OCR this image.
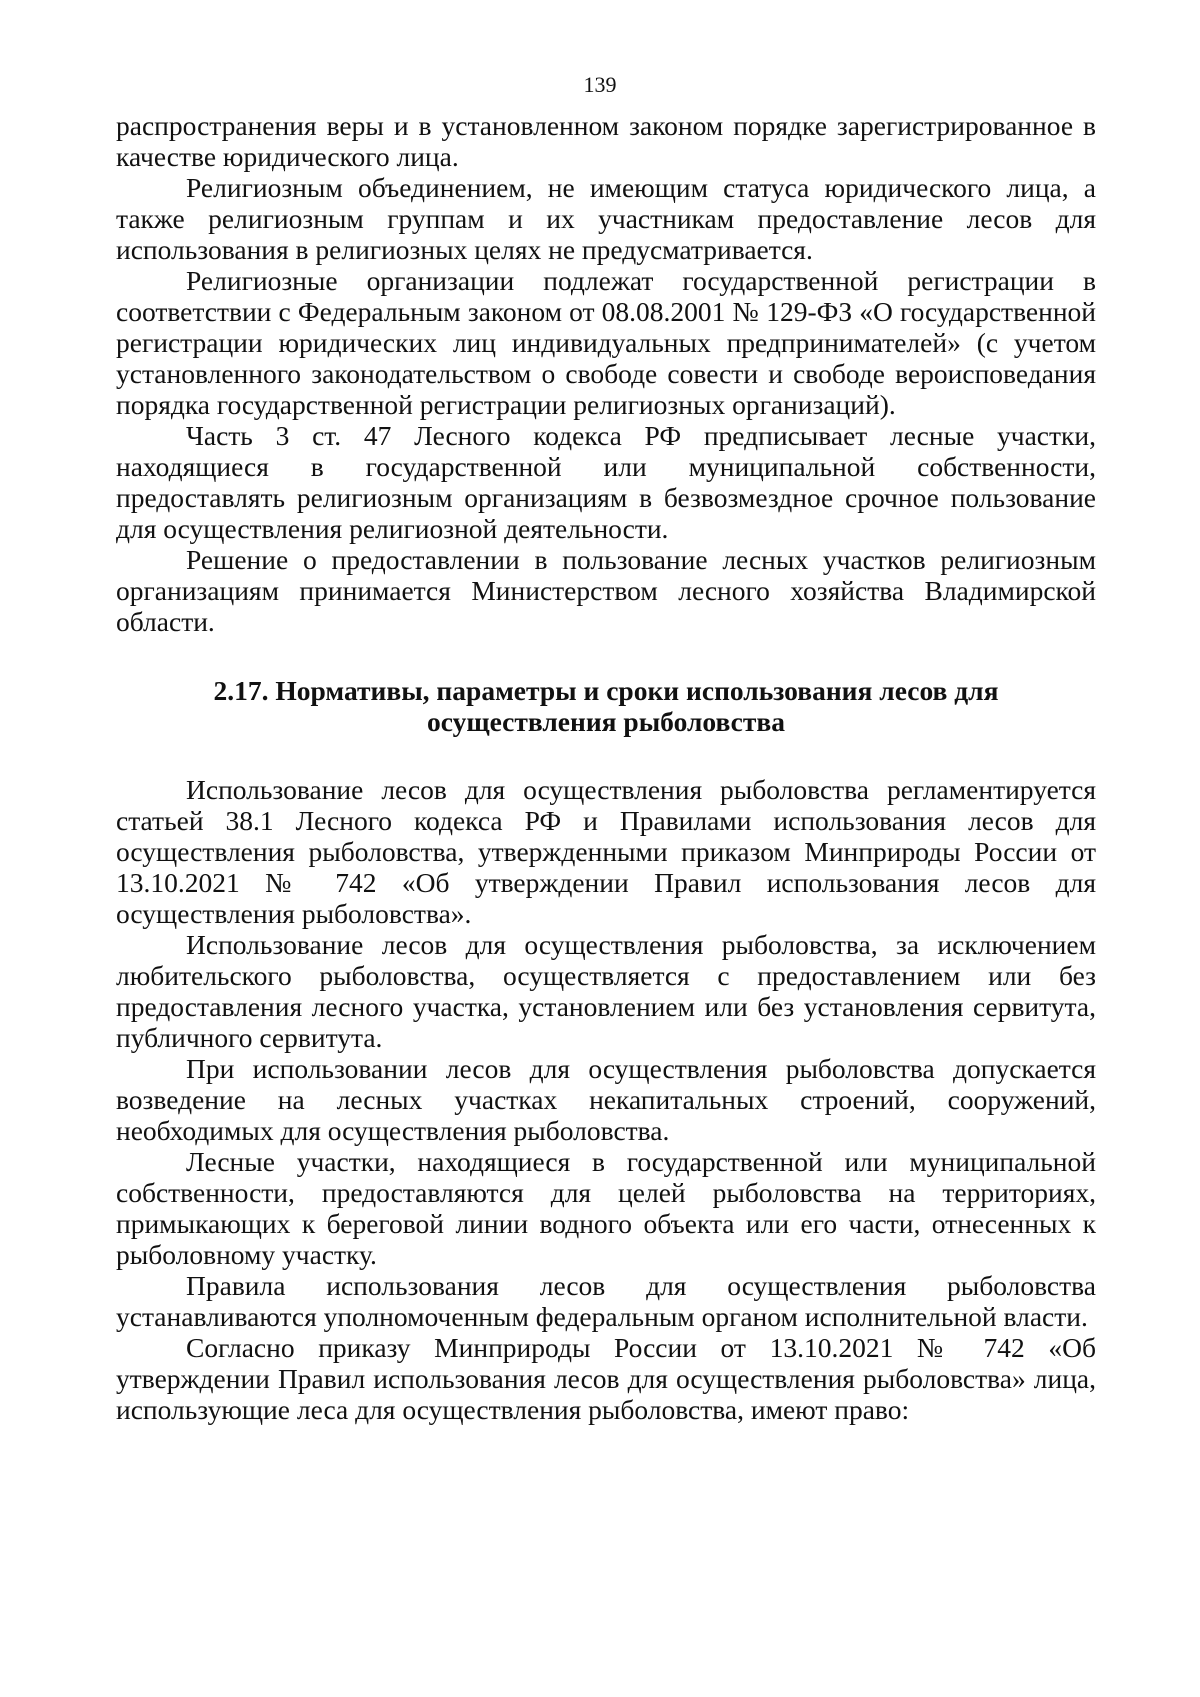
139

распространения веры и в установленном законом порядке зарегистрированное в качестве юридического лица.

Религиозным объединением, не имеющим статуса юридического лица, а также религиозным группам и их участникам предоставление лесов для использования в религиозных целях не предусматривается.

Религиозные организации подлежат государственной регистрации в соответствии с Федеральным законом от 08.08.2001 № 129-ФЗ «О государственной регистрации юридических лиц индивидуальных предпринимателей» (с учетом установленного законодательством о свободе совести и свободе вероисповедания порядка государственной регистрации религиозных организаций).

Часть 3 ст. 47 Лесного кодекса РФ предписывает лесные участки, находящиеся в государственной или муниципальной собственности, предоставлять религиозным организациям в безвозмездное срочное пользование для осуществления религиозной деятельности.

Решение о предоставлении в пользование лесных участков религиозным организациям принимается Министерством лесного хозяйства Владимирской области.

2.17. Нормативы, параметры и сроки использования лесов для
осуществления рыболовства

Использование лесов для осуществления рыболовства регламентируется статьей 38.1 Лесного кодекса РФ и Правилами использования лесов для осуществления рыболовства, утвержденными приказом Минприроды России от 13.10.2021 № 742 «Об утверждении Правил использования лесов для осуществления рыболовства».

Использование лесов для осуществления рыболовства, за исключением любительского рыболовства, осуществляется с предоставлением или без предоставления лесного участка, установлением или без установления сервитута, публичного сервитута.

При использовании лесов для осуществления рыболовства допускается возведение на лесных участках некапитальных строений, сооружений, необходимых для осуществления рыболовства.

Лесные участки, находящиеся в государственной или муниципальной собственности, предоставляются для целей рыболовства на территориях, примыкающих к береговой линии водного объекта или его части, отнесенных к рыболовному участку.

Правила использования лесов для осуществления рыболовства устанавливаются уполномоченным федеральным органом исполнительной власти.

Согласно приказу Минприроды России от 13.10.2021 № 742 «Об утверждении Правил использования лесов для осуществления рыболовства» лица, использующие леса для осуществления рыболовства, имеют право:
